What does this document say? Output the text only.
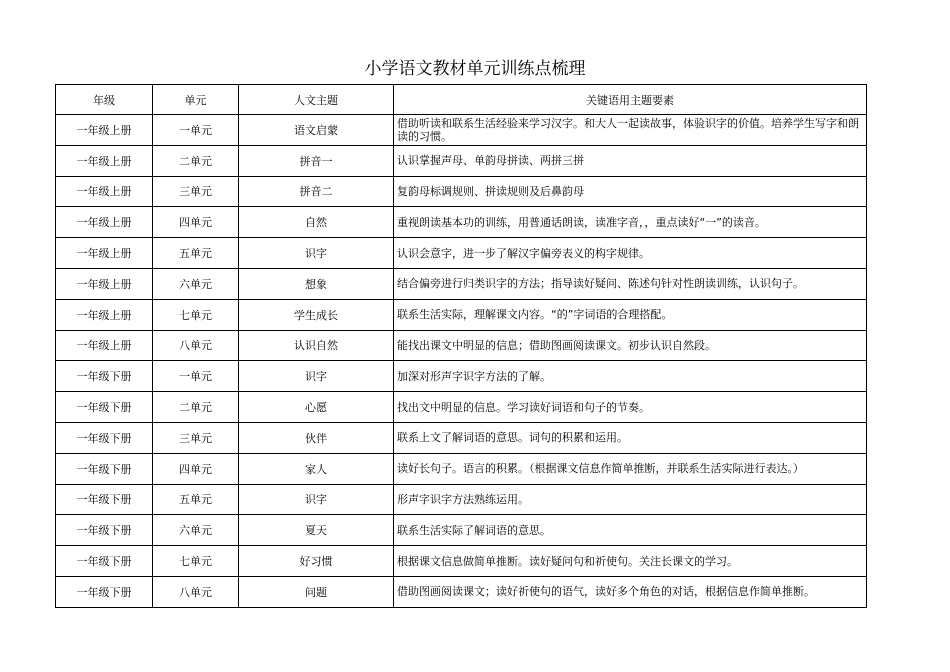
小学语文教材单元训练点梳理
年级	单元	人文主题	关键语用主题要素
一年级上册	一单元	语文启蒙	借助听读和联系生活经验来学习汉字。和大人一起读故事，体验识字的价值。培养学生写字和朗读的习惯。
一年级上册	二单元	拼音一	认识掌握声母、单韵母拼读、两拼三拼
一年级上册	三单元	拼音二	复韵母标调规则、拼读规则及后鼻韵母
一年级上册	四单元	自然	重视朗读基本功的训练，用普通话朗读，读准字音，，重点读好“一”的读音。
一年级上册	五单元	识字	认识会意字，进一步了解汉字偏旁表义的构字规律。
一年级上册	六单元	想象	结合偏旁进行归类识字的方法；指导读好疑问、陈述句针对性朗读训练，认识句子。
一年级上册	七单元	学生成长	联系生活实际，理解课文内容。“的”字词语的合理搭配。
一年级上册	八单元	认识自然	能找出课文中明显的信息；借助图画阅读课文。初步认识自然段。
一年级下册	一单元	识字	加深对形声字识字方法的了解。
一年级下册	二单元	心愿	找出文中明显的信息。学习读好词语和句子的节奏。
一年级下册	三单元	伙伴	联系上文了解词语的意思。词句的积累和运用。
一年级下册	四单元	家人	读好长句子。语言的积累。（根据课文信息作简单推断，并联系生活实际进行表达。）
一年级下册	五单元	识字	形声字识字方法熟练运用。
一年级下册	六单元	夏天	联系生活实际了解词语的意思。
一年级下册	七单元	好习惯	根据课文信息做简单推断。读好疑问句和祈使句。关注长课文的学习。
一年级下册	八单元	问题	借助图画阅读课文；读好祈使句的语气，读好多个角色的对话，根据信息作简单推断。
